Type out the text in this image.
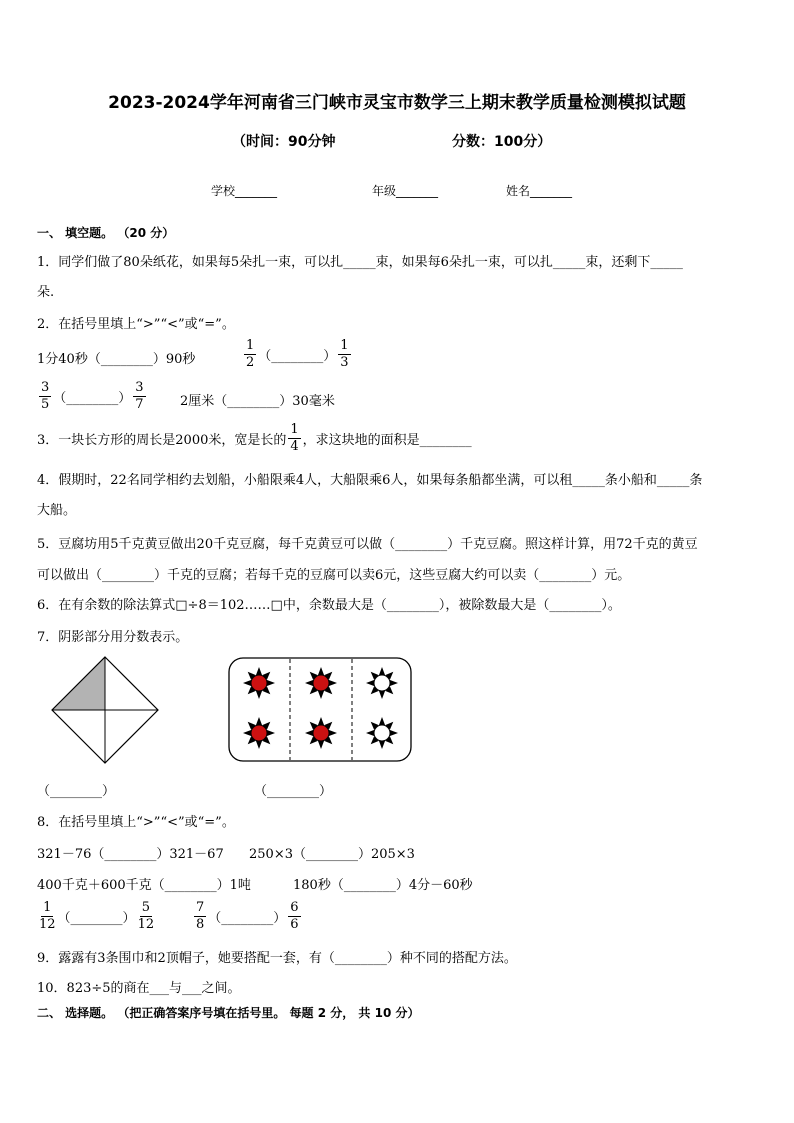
2023-2024学年河南省三门峡市灵宝市数学三上期末教学质量检测模拟试题
（时间：90分钟	分数：100分）
学校_______	年级_______	姓名_______
一、 填空题。 （20 分）
1．同学们做了80朵纸花，如果每5朵扎一束，可以扎_____束，如果每6朵扎一束，可以扎_____束，还剩下_____
朵.
2．在括号里填上“>”“<”或“=”。
1分40秒（________）90秒	$\frac{1}{2}$ （________） $\frac{1}{3}$
$\frac{3}{5}$ （________） $\frac{3}{7}$	2厘米（________）30毫米
3．一块长方形的周长是2000米，宽是长的 $\frac{1}{4}$ ，求这块地的面积是________
4．假期时，22名同学相约去划船，小船限乘4人，大船限乘6人，如果每条船都坐满，可以租_____条小船和_____条
大船。
5．豆腐坊用5千克黄豆做出20千克豆腐，每千克黄豆可以做（________）千克豆腐。照这样计算，用72千克的黄豆
可以做出（________）千克的豆腐；若每千克的豆腐可以卖6元，这些豆腐大约可以卖（________）元。
6．在有余数的除法算式□÷8＝102……□中，余数最大是（________），被除数最大是（________）。
7．阴影部分用分数表示。
（________）	（________）
8．在括号里填上“>”“<”或“=”。
321－76（________）321－67 250×3（________）205×3
400千克＋600千克（________）1吨	180秒（________）4分－60秒
$\frac{1}{12}$ （________） $\frac{5}{12}$	$\frac{7}{8}$ （________） $\frac{6}{6}$
9．露露有3条围巾和2顶帽子，她要搭配一套，有（________）种不同的搭配方法。
10．823÷5的商在___与___之间。
二、 选择题。 （把正确答案序号填在括号里。 每题 2 分， 共 10 分）
